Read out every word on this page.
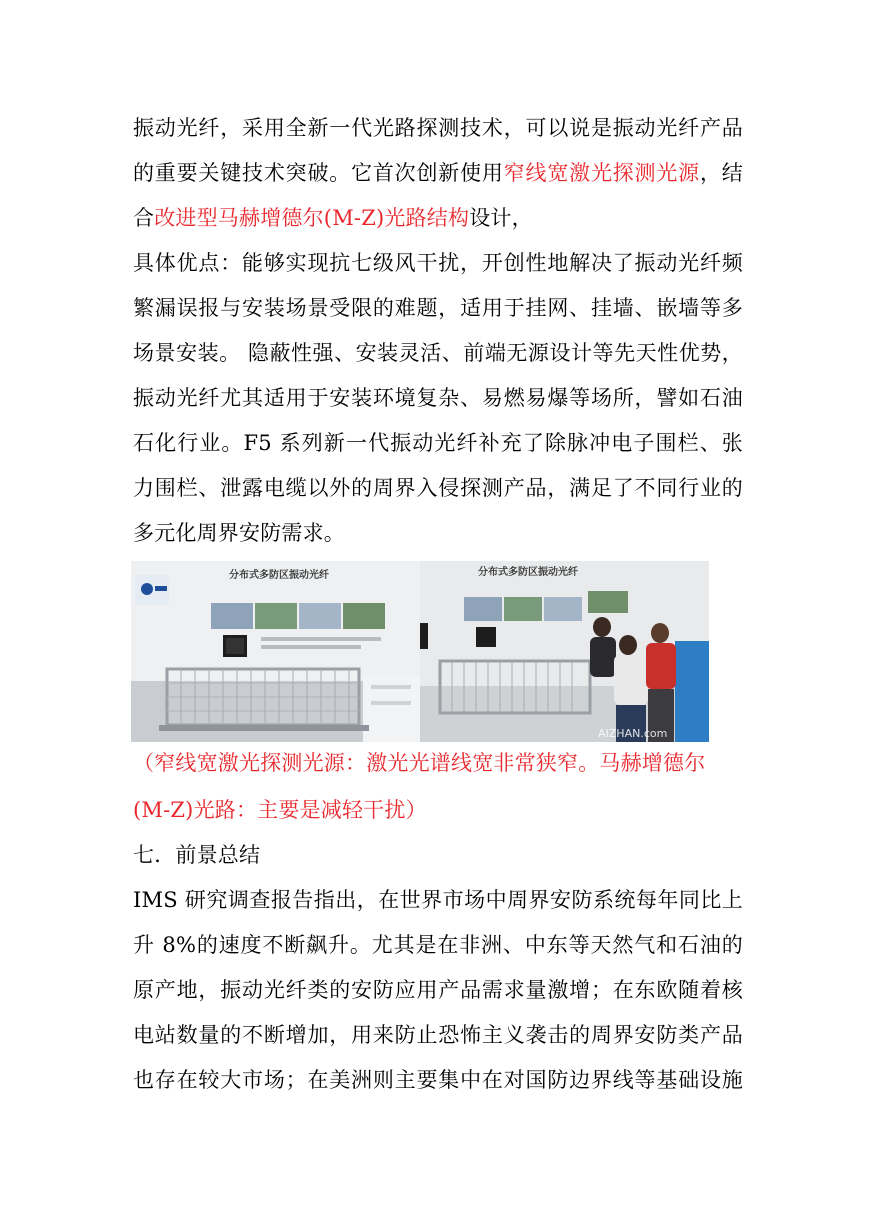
振动光纤，采用全新一代光路探测技术，可以说是振动光纤产品
的重要关键技术突破。它首次创新使用窄线宽激光探测光源，结
合改进型马赫增德尔(M-Z)光路结构设计，
具体优点：能够实现抗七级风干扰，开创性地解决了振动光纤频
繁漏误报与安装场景受限的难题，适用于挂网、挂墙、嵌墙等多
场景安装。 隐蔽性强、安装灵活、前端无源设计等先天性优势，
振动光纤尤其适用于安装环境复杂、易燃易爆等场所，譬如石油
石化行业。F5 系列新一代振动光纤补充了除脉冲电子围栏、张
力围栏、泄露电缆以外的周界入侵探测产品，满足了不同行业的
多元化周界安防需求。
分布式多防区振动光纤	分布式多防区振动光纤
AIZHAN.com
（窄线宽激光探测光源：激光光谱线宽非常狭窄。马赫增德尔
(M-Z)光路：主要是减轻干扰）
七．前景总结
IMS 研究调查报告指出，在世界市场中周界安防系统每年同比上
升 8%的速度不断飙升。尤其是在非洲、中东等天然气和石油的
原产地，振动光纤类的安防应用产品需求量激增；在东欧随着核
电站数量的不断增加，用来防止恐怖主义袭击的周界安防类产品
也存在较大市场；在美洲则主要集中在对国防边界线等基础设施
